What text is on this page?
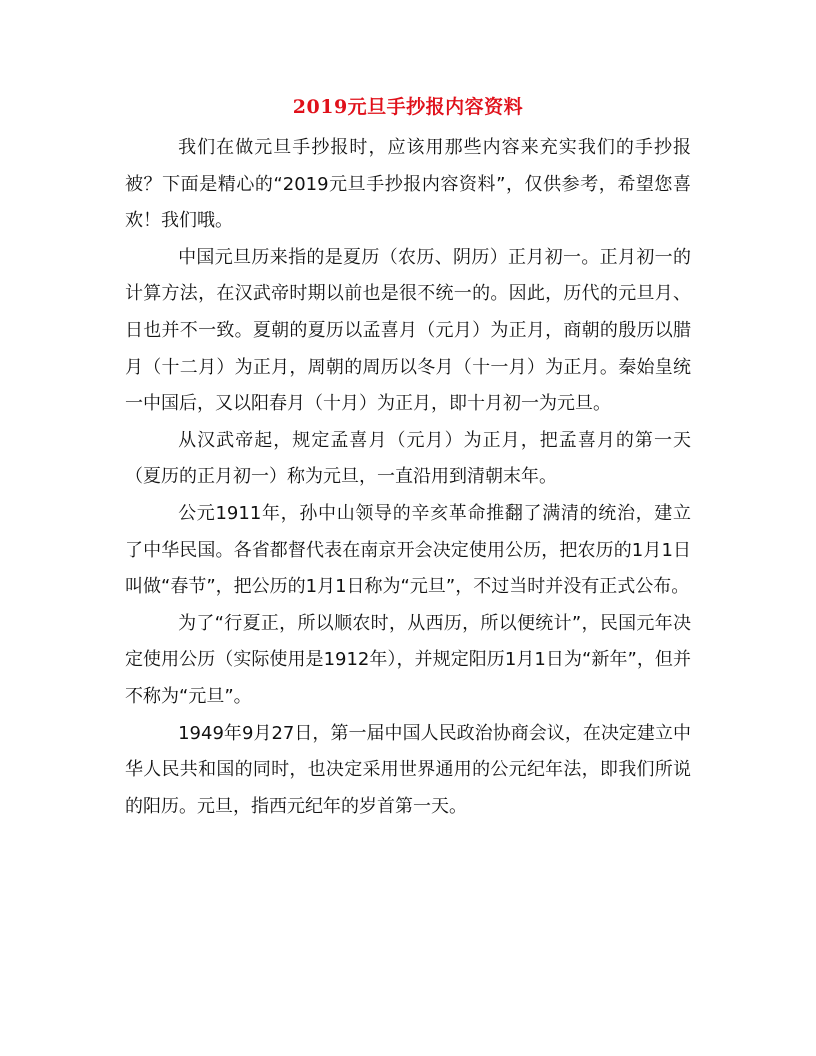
2019元旦手抄报内容资料

我们在做元旦手抄报时，应该用那些内容来充实我们的手抄报被？下面是精心的“2019元旦手抄报内容资料”，仅供参考，希望您喜欢！我们哦。

中国元旦历来指的是夏历（农历、阴历）正月初一。正月初一的计算方法，在汉武帝时期以前也是很不统一的。因此，历代的元旦月、日也并不一致。夏朝的夏历以孟喜月（元月）为正月，商朝的殷历以腊月（十二月）为正月，周朝的周历以冬月（十一月）为正月。秦始皇统一中国后，又以阳春月（十月）为正月，即十月初一为元旦。

从汉武帝起，规定孟喜月（元月）为正月，把孟喜月的第一天（夏历的正月初一）称为元旦，一直沿用到清朝末年。

公元1911年，孙中山领导的辛亥革命推翻了满清的统治，建立了中华民国。各省都督代表在南京开会决定使用公历，把农历的1月1日叫做“春节”，把公历的1月1日称为“元旦”，不过当时并没有正式公布。

为了“行夏正，所以顺农时，从西历，所以便统计”，民国元年决定使用公历（实际使用是1912年），并规定阳历1月1日为“新年”，但并不称为“元旦”。

1949年9月27日，第一届中国人民政治协商会议，在决定建立中华人民共和国的同时，也决定采用世界通用的公元纪年法，即我们所说的阳历。元旦，指西元纪年的岁首第一天。
